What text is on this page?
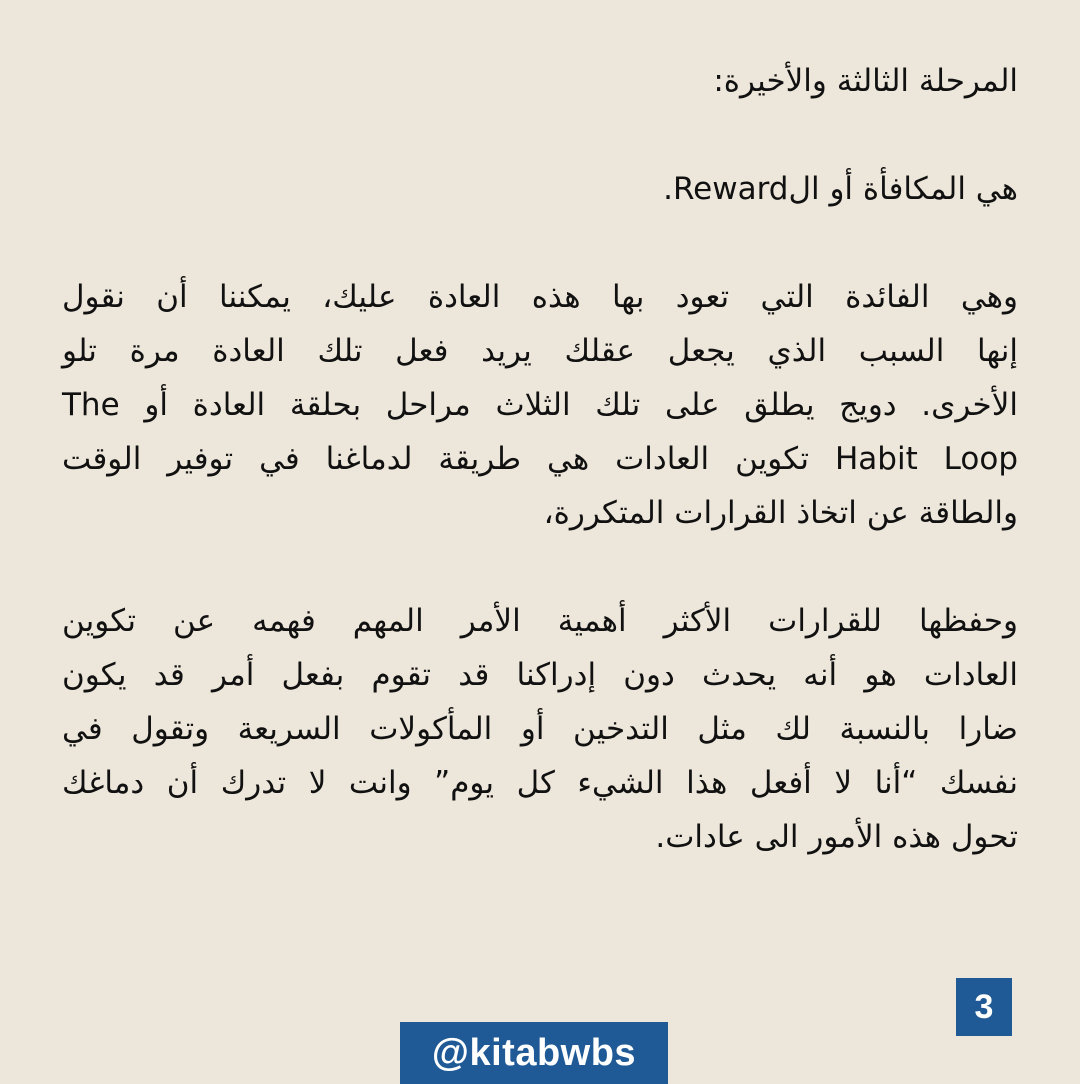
المرحلة الثالثة والأخيرة:
هي المكافأة أو الReward.
وهي الفائدة التي تعود بها هذه العادة عليك، يمكننا أن نقول
إنها السبب الذي يجعل عقلك يريد فعل تلك العادة مرة تلو
الأخرى. دويج يطلق على تلك الثلاث مراحل بحلقة العادة أو The
Habit Loop تكوين العادات هي طريقة لدماغنا في توفير الوقت
والطاقة عن اتخاذ القرارات المتكررة،
وحفظها للقرارات الأكثر أهمية الأمر المهم فهمه عن تكوين
العادات هو أنه يحدث دون إدراكنا قد تقوم بفعل أمر قد يكون
ضارا بالنسبة لك مثل التدخين أو المأكولات السريعة وتقول في
نفسك “أنا لا أفعل هذا الشيء كل يوم” وانت لا تدرك أن دماغك
تحول هذه الأمور الى عادات.
3
@kitabwbs
